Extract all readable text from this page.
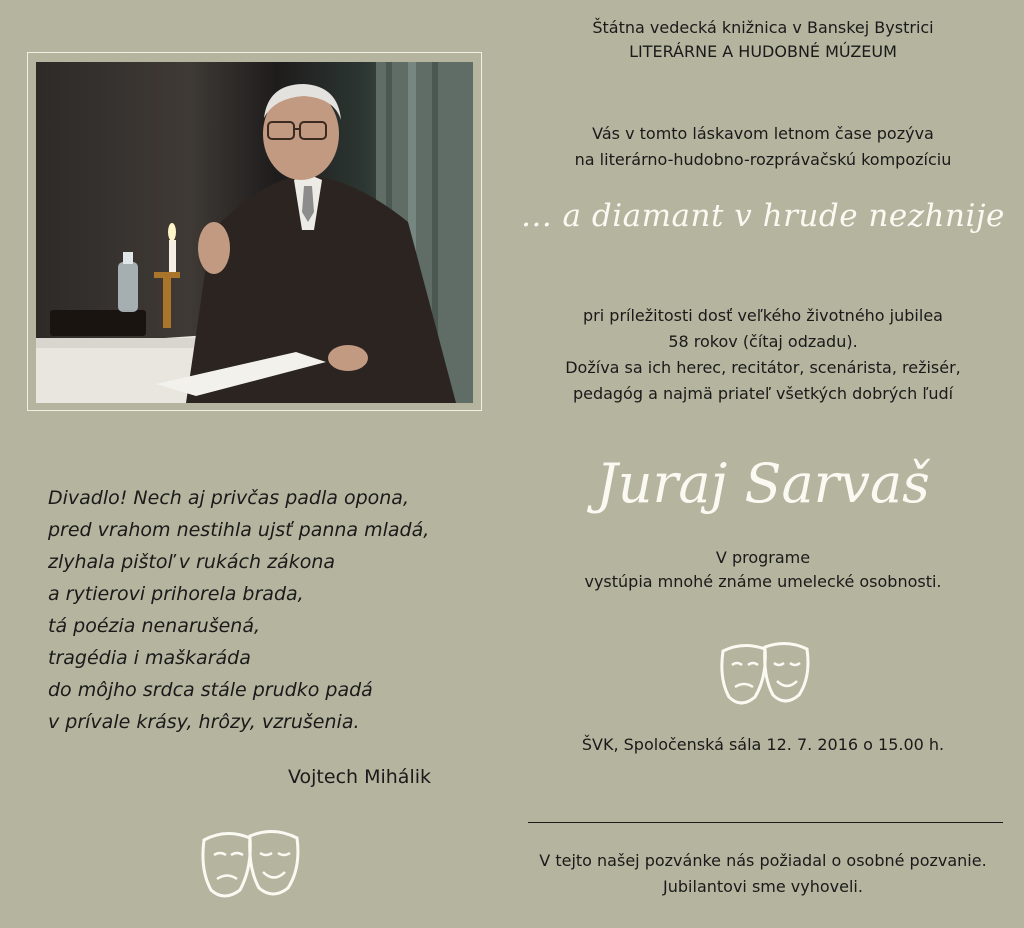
Štátna vedecká knižnica v Banskej Bystrici
LITERÁRNE A HUDOBNÉ MÚZEUM
Vás v tomto láskavom letnom čase pozýva
na literárno-hudobno-rozprávačskú kompozíciu
... a diamant v hrude nezhnije
pri príležitosti dosť veľkého životného jubilea
58 rokov (čítaj odzadu).
Dožíva sa ich herec, recitátor, scenárista, režisér,
pedagóg a najmä priateľ všetkých dobrých ľudí
Juraj Sarvaš
V programe
vystúpia mnohé známe umelecké osobnosti.
ŠVK, Spoločenská sála 12. 7. 2016 o 15.00 h.
V tejto našej pozvánke nás požiadal o osobné pozvanie.
Jubilantovi sme vyhoveli.
Divadlo! Nech aj privčas padla opona,
pred vrahom nestihla ujsť panna mladá,
zlyhala pištoľ v rukách zákona
a rytierovi prihorela brada,
tá poézia nenarušená,
tragédia i maškaráda
do môjho srdca stále prudko padá
v prívale krásy, hrôzy, vzrušenia.
Vojtech Mihálik
